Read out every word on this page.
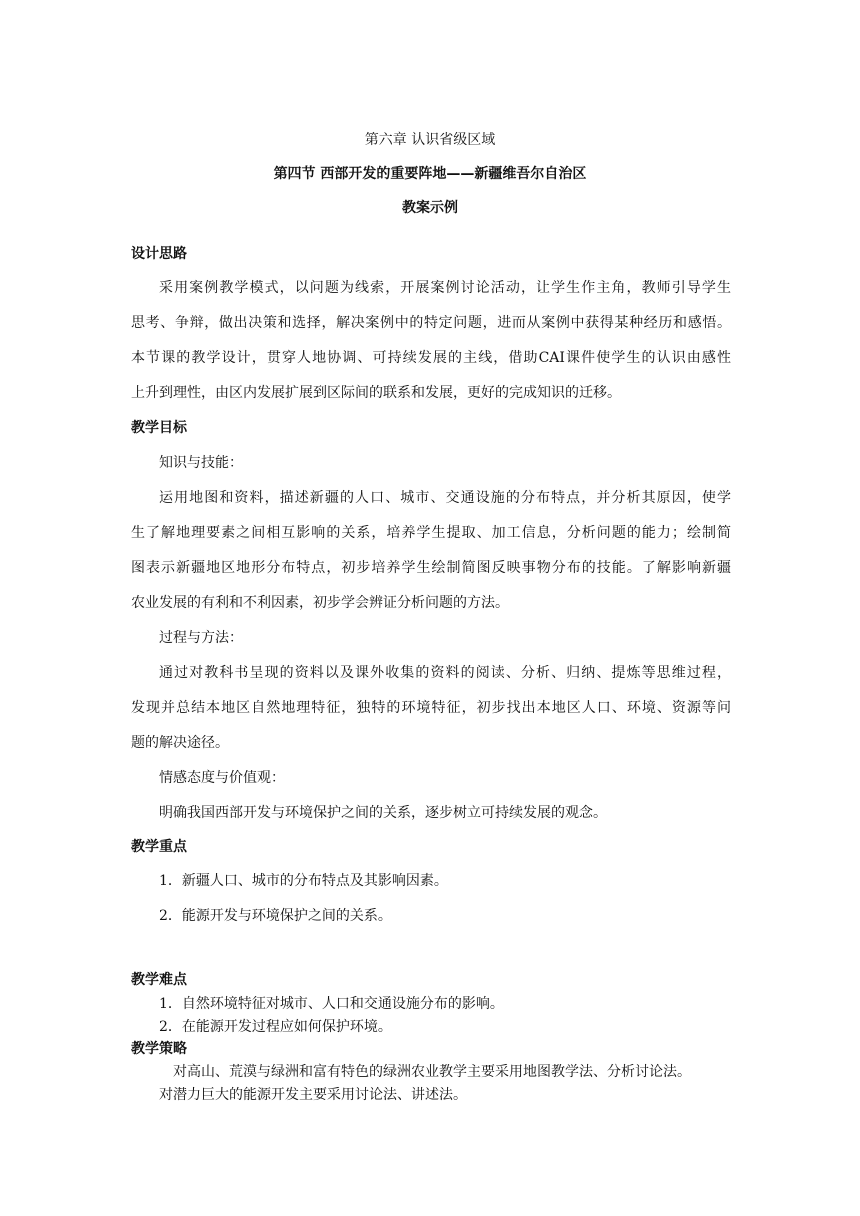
第六章 认识省级区域
第四节 西部开发的重要阵地——新疆维吾尔自治区
教案示例
设计思路
采用案例教学模式，以问题为线索，开展案例讨论活动，让学生作主角，教师引导学生
思考、争辩，做出决策和选择，解决案例中的特定问题，进而从案例中获得某种经历和感悟。
本节课的教学设计，贯穿人地协调、可持续发展的主线，借助CAI课件使学生的认识由感性
上升到理性，由区内发展扩展到区际间的联系和发展，更好的完成知识的迁移。
教学目标
知识与技能：
运用地图和资料，描述新疆的人口、城市、交通设施的分布特点，并分析其原因，使学
生了解地理要素之间相互影响的关系，培养学生提取、加工信息，分析问题的能力；绘制简
图表示新疆地区地形分布特点，初步培养学生绘制简图反映事物分布的技能。了解影响新疆
农业发展的有利和不利因素，初步学会辨证分析问题的方法。
过程与方法：
通过对教科书呈现的资料以及课外收集的资料的阅读、分析、归纳、提炼等思维过程，
发现并总结本地区自然地理特征，独特的环境特征，初步找出本地区人口、环境、资源等问
题的解决途径。
情感态度与价值观：
明确我国西部开发与环境保护之间的关系，逐步树立可持续发展的观念。
教学重点
1．新疆人口、城市的分布特点及其影响因素。
2．能源开发与环境保护之间的关系。
教学难点
1．自然环境特征对城市、人口和交通设施分布的影响。
2．在能源开发过程应如何保护环境。
教学策略
对高山、荒漠与绿洲和富有特色的绿洲农业教学主要采用地图教学法、分析讨论法。
对潜力巨大的能源开发主要采用讨论法、讲述法。
